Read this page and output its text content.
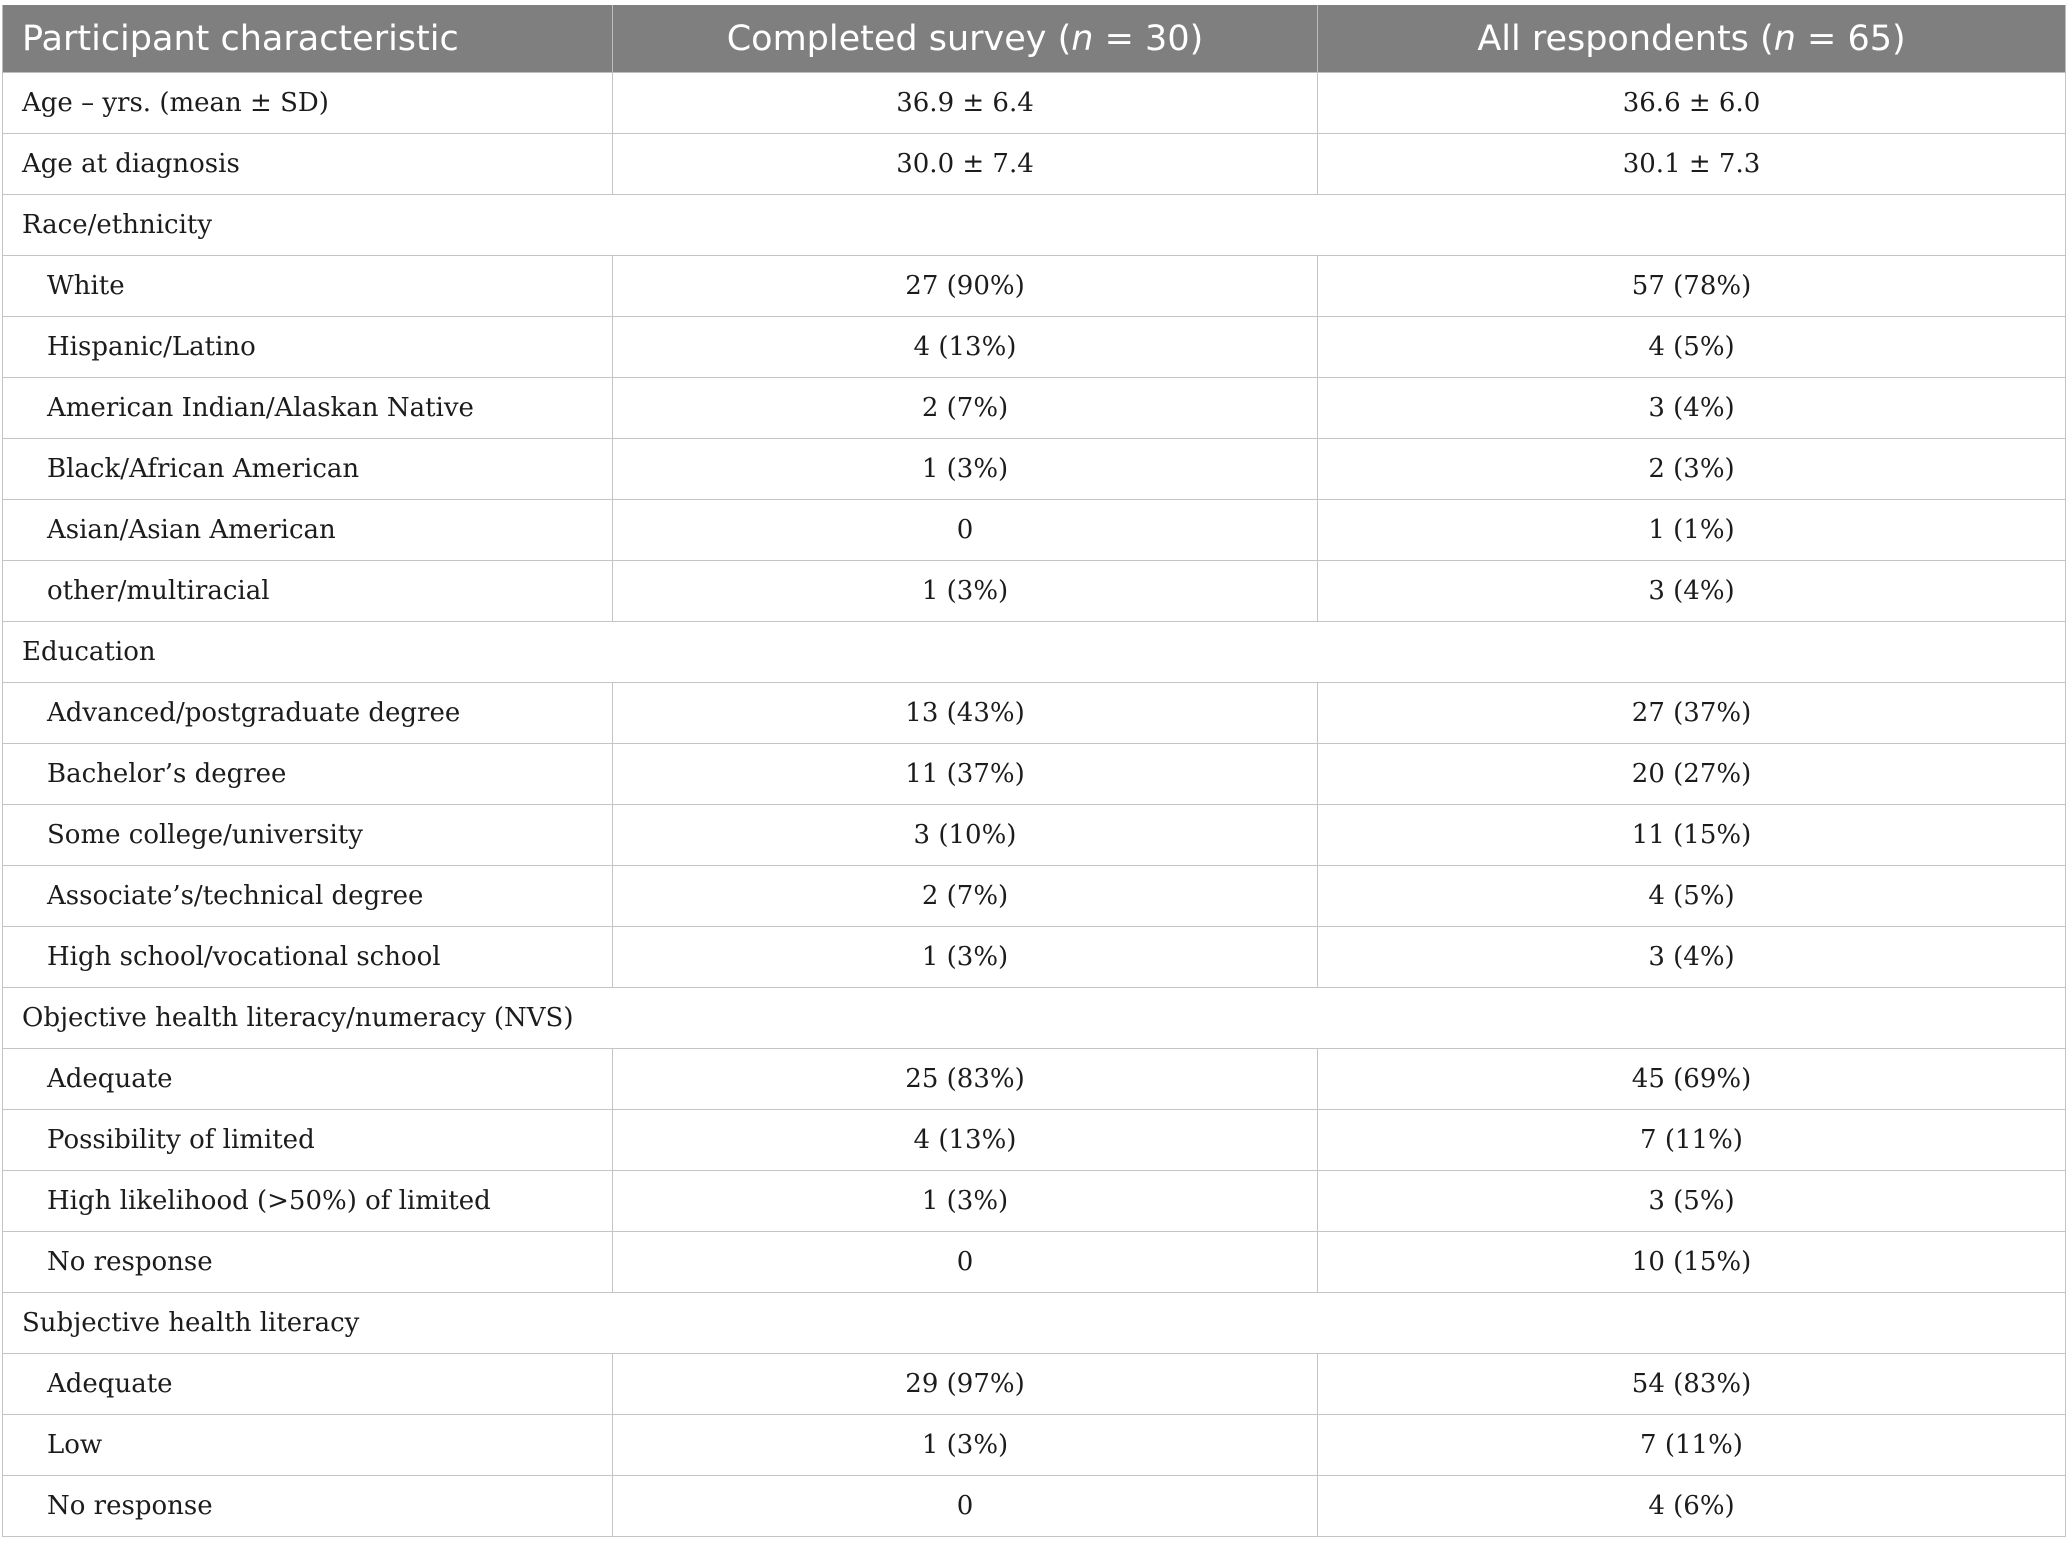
Participant characteristic	Completed survey (n = 30)	All respondents (n = 65)
Age – yrs. (mean ± SD)	36.9 ± 6.4	36.6 ± 6.0
Age at diagnosis	30.0 ± 7.4	30.1 ± 7.3
Race/ethnicity		
White	27 (90%)	57 (78%)
Hispanic/Latino	4 (13%)	4 (5%)
American Indian/Alaskan Native	2 (7%)	3 (4%)
Black/African American	1 (3%)	2 (3%)
Asian/Asian American	0	1 (1%)
other/multiracial	1 (3%)	3 (4%)
Education		
Advanced/postgraduate degree	13 (43%)	27 (37%)
Bachelor’s degree	11 (37%)	20 (27%)
Some college/university	3 (10%)	11 (15%)
Associate’s/technical degree	2 (7%)	4 (5%)
High school/vocational school	1 (3%)	3 (4%)
Objective health literacy/numeracy (NVS)		
Adequate	25 (83%)	45 (69%)
Possibility of limited	4 (13%)	7 (11%)
High likelihood (>50%) of limited	1 (3%)	3 (5%)
No response	0	10 (15%)
Subjective health literacy		
Adequate	29 (97%)	54 (83%)
Low	1 (3%)	7 (11%)
No response	0	4 (6%)
